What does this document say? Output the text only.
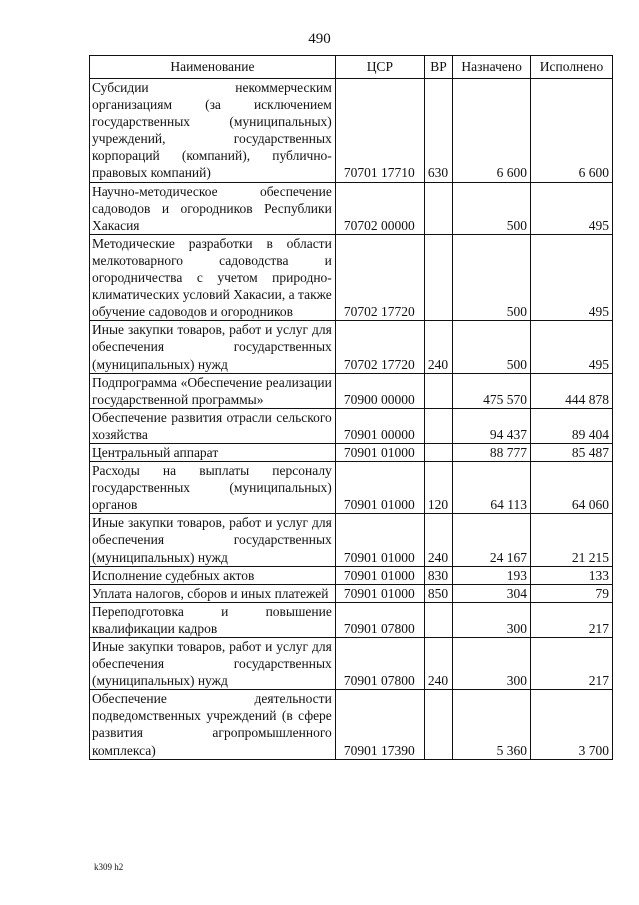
490
Наименование	ЦСР	ВР	Назначено	Исполнено
Субсидии некоммерческим организациям (за исключением государственных (муниципальных) учреждений, государственных корпораций (компаний), публично-правовых компаний)	70701 17710	630	6 600	6 600
Научно-методическое обеспечение садоводов и огородников Республики Хакасия	70702 00000		500	495
Методические разработки в области мелкотоварного садоводства и огородничества с учетом природно-климатических условий Хакасии, а также обучение садоводов и огородников	70702 17720		500	495
Иные закупки товаров, работ и услуг для обеспечения государственных (муниципальных) нужд	70702 17720	240	500	495
Подпрограмма «Обеспечение реализации государственной программы»	70900 00000		475 570	444 878
Обеспечение развития отрасли сельского хозяйства	70901 00000		94 437	89 404
Центральный аппарат	70901 01000		88 777	85 487
Расходы на выплаты персоналу государственных (муниципальных) органов	70901 01000	120	64 113	64 060
Иные закупки товаров, работ и услуг для обеспечения государственных (муниципальных) нужд	70901 01000	240	24 167	21 215
Исполнение судебных актов	70901 01000	830	193	133
Уплата налогов, сборов и иных платежей	70901 01000	850	304	79
Переподготовка и повышение квалификации кадров	70901 07800		300	217
Иные закупки товаров, работ и услуг для обеспечения государственных (муниципальных) нужд	70901 07800	240	300	217
Обеспечение деятельности подведомственных учреждений (в сфере развития агропромышленного комплекса)	70901 17390		5 360	3 700
k309 h2
